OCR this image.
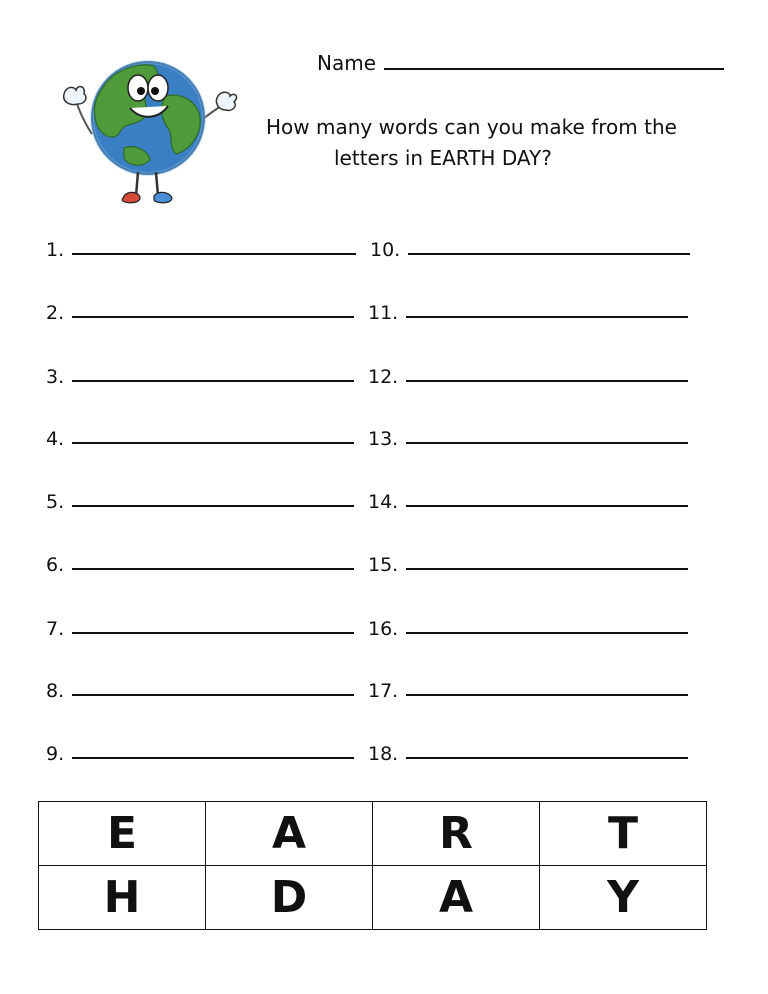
Name
How many words can you make from the
letters in EARTH DAY?
1.
2.
3.
4.
5.
6.
7.
8.
9.
10.
11.
12.
13.
14.
15.
16.
17.
18.
E	A	R	T
H	D	A	Y
